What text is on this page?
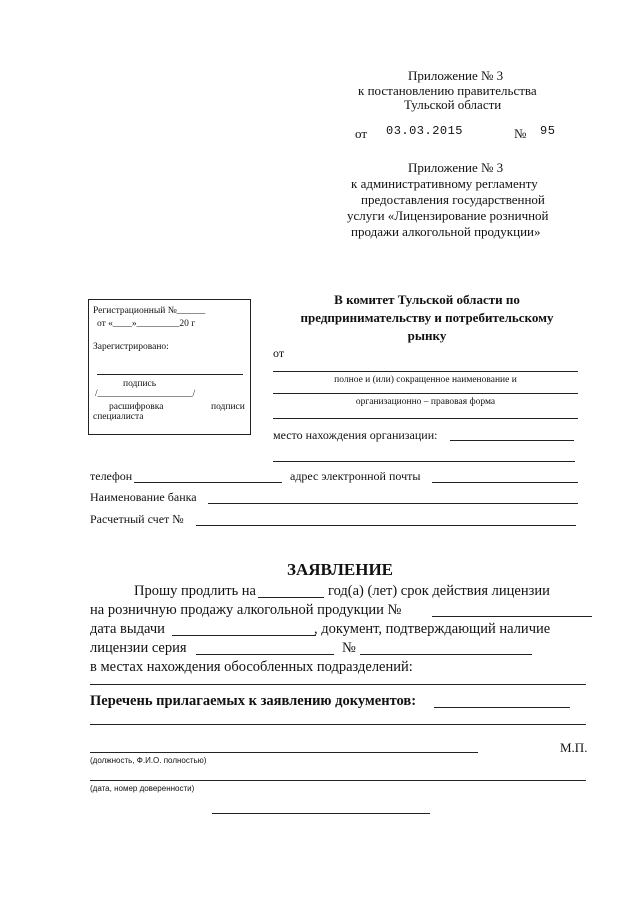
Приложение № 3
к постановлению правительства
Тульской области
от 03.03.2015	№ 95
Приложение № 3
к административному регламенту
предоставления государственной
услуги «Лицензирование розничной
продажи алкогольной продукции»
Регистрационный №______
от «____»_________20 г
Зарегистрировано:
подпись
/____________________/
расшифровка	подписи
специалиста
В комитет Тульской области по
предпринимательству и потребительскому
рынку
от
полное и (или) сокращенное наименование и
организационно – правовая форма
место нахождения организации:
телефон	адрес электронной почты
Наименование банка
Расчетный счет №
ЗАЯВЛЕНИЕ
Прошу продлить на	год(а) (лет) срок действия лицензии
на розничную продажу алкогольной продукции №
дата выдачи	, документ, подтверждающий наличие
лицензии серия	№
в местах нахождения обособленных подразделений:
Перечень прилагаемых к заявлению документов:
М.П.
(должность, Ф.И.О. полностью)
(дата, номер доверенности)
